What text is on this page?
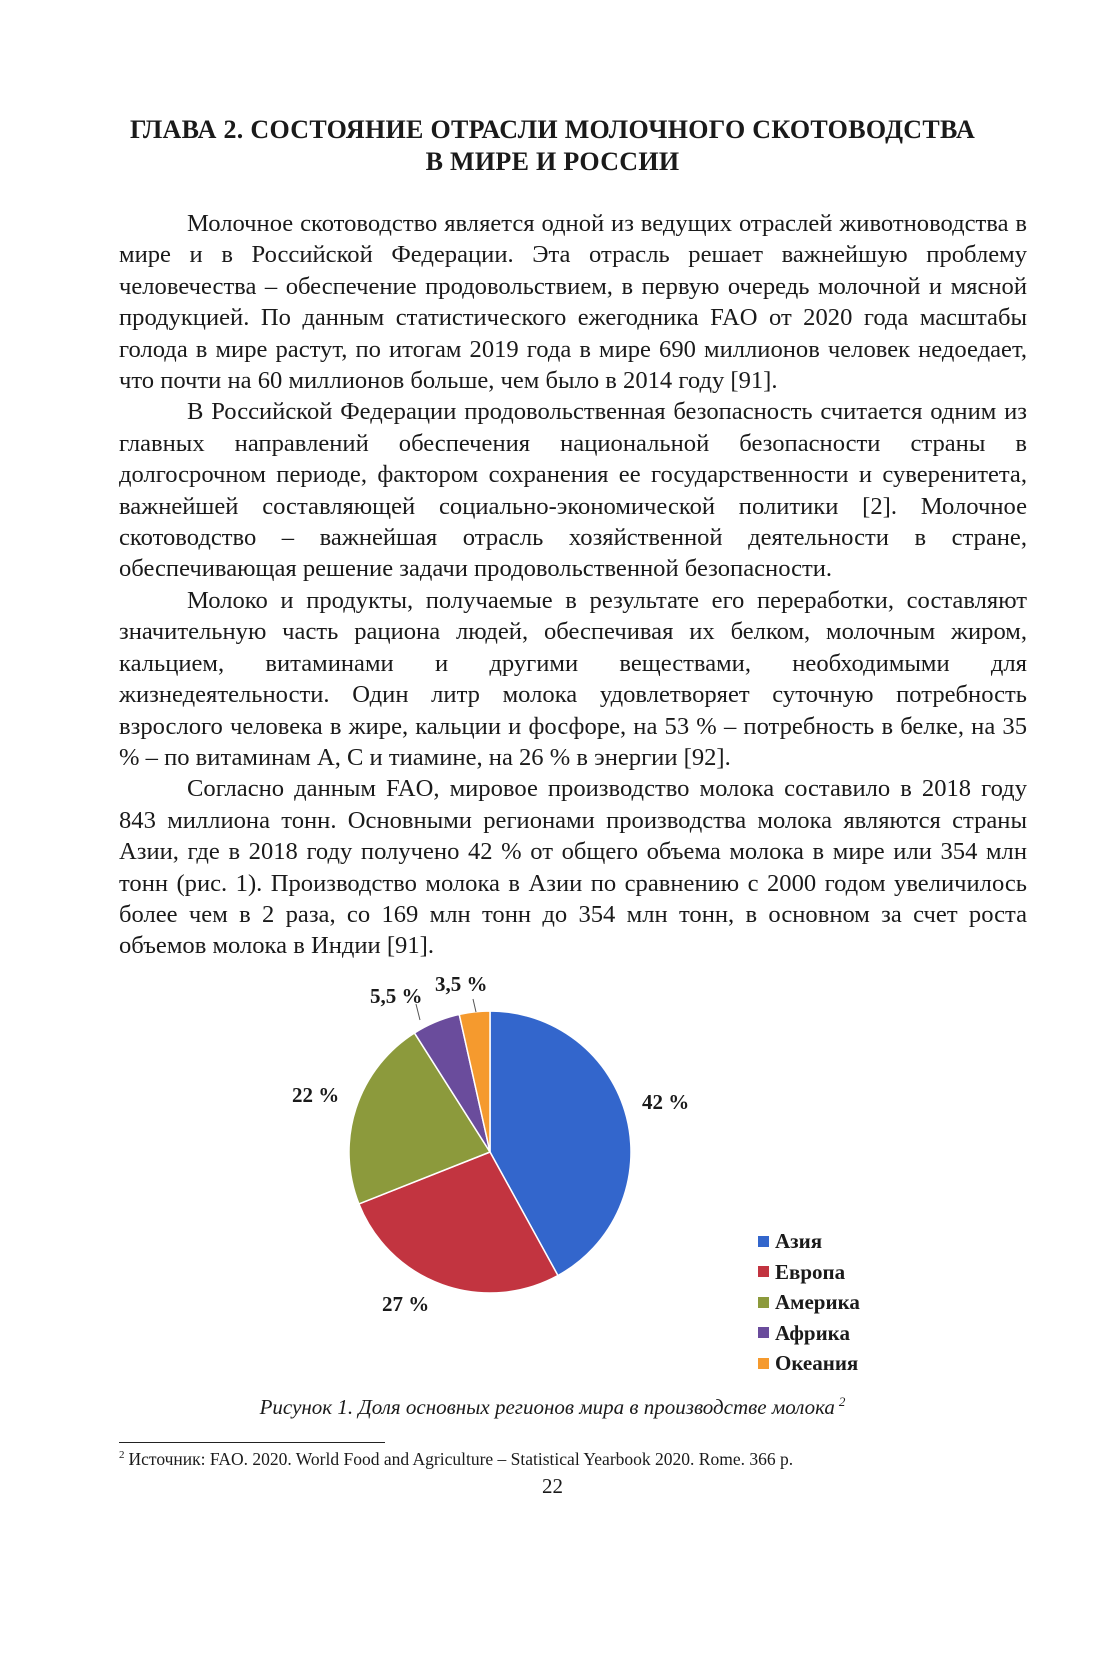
ГЛАВА 2. СОСТОЯНИЕ ОТРАСЛИ МОЛОЧНОГО СКОТОВОДСТВА
В МИРЕ И РОССИИ

Молочное скотоводство является одной из ведущих отраслей животноводства в мире и в Российской Федерации. Эта отрасль решает важнейшую проблему человечества – обеспечение продовольствием, в первую очередь молочной и мясной продукцией. По данным статистического ежегодника FAO от 2020 года масштабы голода в мире растут, по итогам 2019 года в мире 690 миллионов человек недоедает, что почти на 60 миллионов больше, чем было в 2014 году [91].

В Российской Федерации продовольственная безопасность считается одним из главных направлений обеспечения национальной безопасности страны в долгосрочном периоде, фактором сохранения ее государственности и суверенитета, важнейшей составляющей социально-экономической политики [2]. Молочное скотоводство – важнейшая отрасль хозяйственной деятельности в стране, обеспечивающая решение задачи продовольственной безопасности.

Молоко и продукты, получаемые в результате его переработки, составляют значительную часть рациона людей, обеспечивая их белком, молочным жиром, кальцием, витаминами и другими веществами, необходимыми для жизнедеятельности. Один литр молока удовлетворяет суточную потребность взрослого человека в жире, кальции и фосфоре, на 53 % – потребность в белке, на 35 % – по витаминам А, С и тиамине, на 26 % в энергии [92].

Согласно данным FAO, мировое производство молока составило в 2018 году 843 миллиона тонн. Основными регионами производства молока являются страны Азии, где в 2018 году получено 42 % от общего объема молока в мире или 354 млн тонн (рис. 1). Производство молока в Азии по сравнению с 2000 годом увеличилось более чем в 2 раза, со 169 млн тонн до 354 млн тонн, в основном за счет роста объемов молока в Индии [91].

42 %
27 %
22 %
5,5 % 3,5 %
Азия
Европа
Америка
Африка
Океания
Рисунок 1. Доля основных регионов мира в производстве молока $^2$
$^2$ Источник: FAO. 2020. World Food and Agriculture – Statistical Yearbook 2020. Rome. 366 p.
22
